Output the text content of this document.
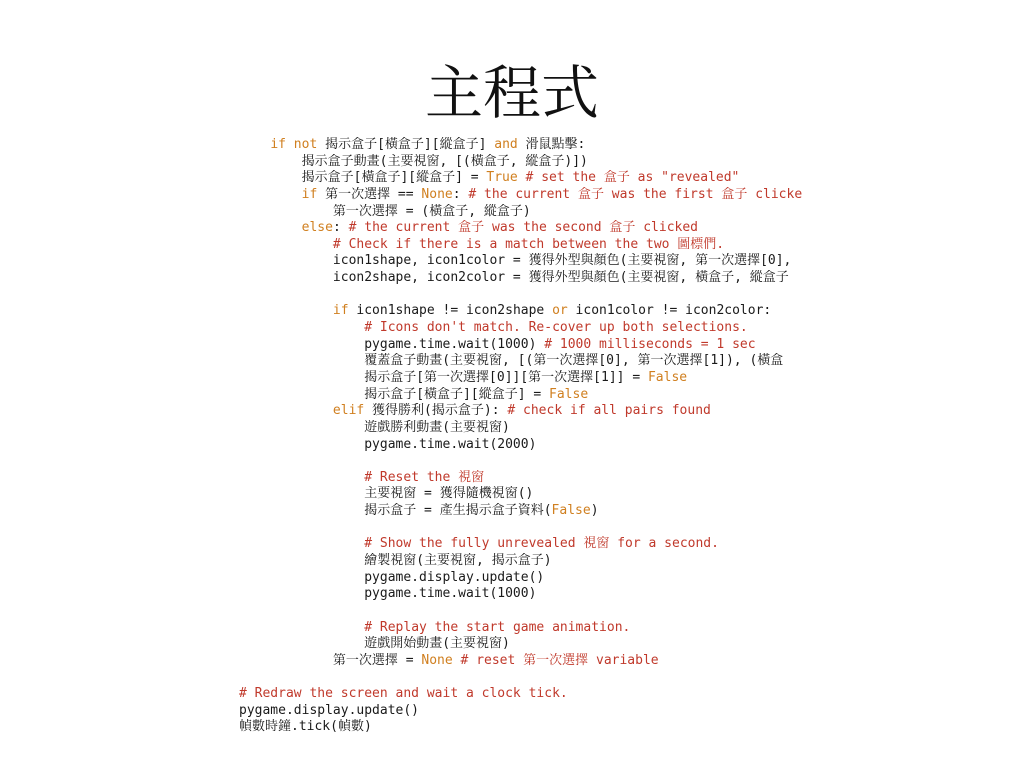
主程式
if not 揭示盒子[橫盒子][縱盒子] and 滑鼠點擊:
揭示盒子動畫(主要視窗, [(橫盒子, 縱盒子)])
揭示盒子[橫盒子][縱盒子] = True # set the 盒子 as "revealed"
if 第一次選擇 == None: # the current 盒子 was the first 盒子 clicke
第一次選擇 = (橫盒子, 縱盒子)
else: # the current 盒子 was the second 盒子 clicked
# Check if there is a match between the two 圖標們.
icon1shape, icon1color = 獲得外型與顏色(主要視窗, 第一次選擇[0],
icon2shape, icon2color = 獲得外型與顏色(主要視窗, 橫盒子, 縱盒子
if icon1shape != icon2shape or icon1color != icon2color:
# Icons don't match. Re-cover up both selections.
pygame.time.wait(1000) # 1000 milliseconds = 1 sec
覆蓋盒子動畫(主要視窗, [(第一次選擇[0], 第一次選擇[1]), (橫盒
揭示盒子[第一次選擇[0]][第一次選擇[1]] = False
揭示盒子[橫盒子][縱盒子] = False
elif 獲得勝利(揭示盒子): # check if all pairs found
遊戲勝利動畫(主要視窗)
pygame.time.wait(2000)
# Reset the 視窗
主要視窗 = 獲得隨機視窗()
揭示盒子 = 產生揭示盒子資料(False)
# Show the fully unrevealed 視窗 for a second.
繪製視窗(主要視窗, 揭示盒子)
pygame.display.update()
pygame.time.wait(1000)
# Replay the start game animation.
遊戲開始動畫(主要視窗)
第一次選擇 = None # reset 第一次選擇 variable
# Redraw the screen and wait a clock tick.
pygame.display.update()
幀數時鐘.tick(幀數)
